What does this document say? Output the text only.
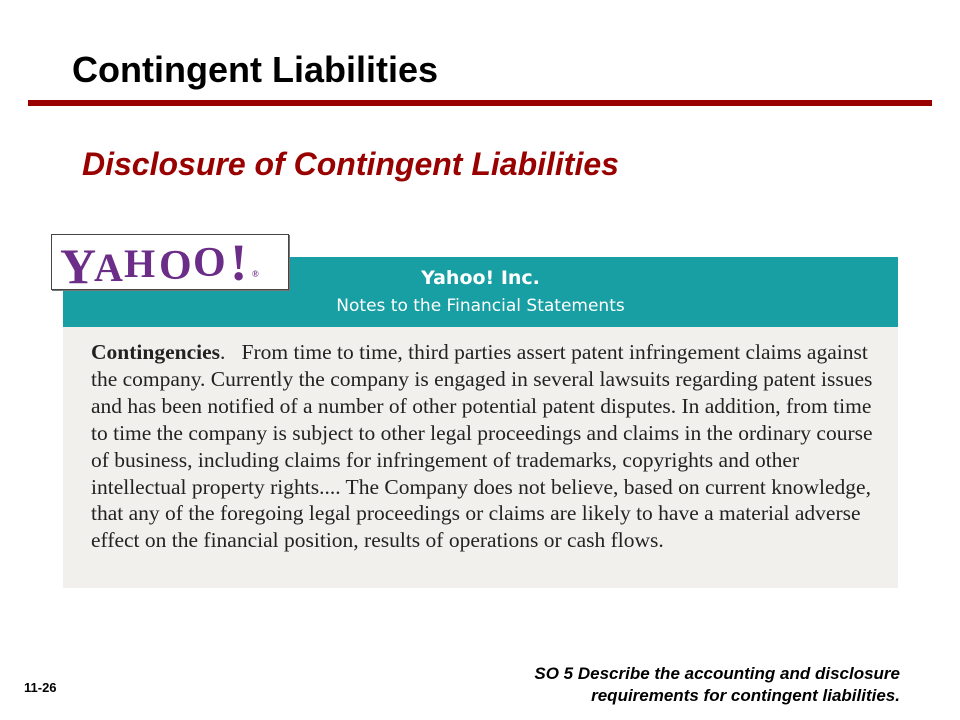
Contingent Liabilities
Disclosure of Contingent Liabilities
Yahoo! Inc.
Notes to the Financial Statements
Contingencies. From time to time, third parties assert patent infringement claims against the company. Currently the company is engaged in several lawsuits regarding patent issues and has been notified of a number of other potential patent disputes. In addition, from time to time the company is subject to other legal proceedings and claims in the ordinary course of business, including claims for infringement of trademarks, copyrights and other intellectual property rights.... The Company does not believe, based on current knowledge, that any of the foregoing legal proceedings or claims are likely to have a material adverse effect on the financial position, results of operations or cash flows.
Y
A H O O ! ®
11-26
SO 5 Describe the accounting and disclosure
requirements for contingent liabilities.
